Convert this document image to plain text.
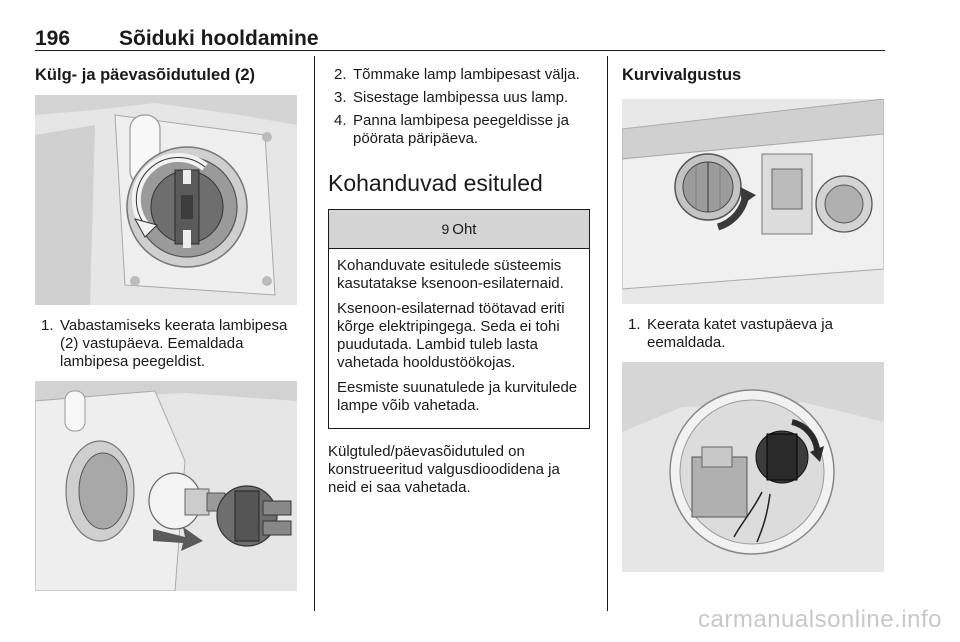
196 Sõiduki hooldamine
Külg- ja päevasõidutuled (2)
1. Vabastamiseks keerata lambipesa (2) vastupäeva. Eemaldada lambipesa peegeldist.
2. Tõmmake lamp lambipesast välja.
3. Sisestage lambipessa uus lamp.
4. Panna lambipesa peegeldisse ja pöörata päripäeva.
Kohanduvad esituled
9 Oht

Kohanduvate esitulede süsteemis kasutatakse ksenoon-esilaternaid.

Ksenoon-esilaternad töötavad eriti kõrge elektripingega. Seda ei tohi puudutada. Lambid tuleb lasta vahetada hooldustöökojas.

Eesmiste suunatulede ja kurvitulede lampe võib vahetada.

Külgtuled/päevasõidutuled on konstrueeritud valgusdioodidena ja neid ei saa vahetada.

Kurvivalgustus
1. Keerata katet vastupäeva ja eemaldada.
carmanualsonline.info
